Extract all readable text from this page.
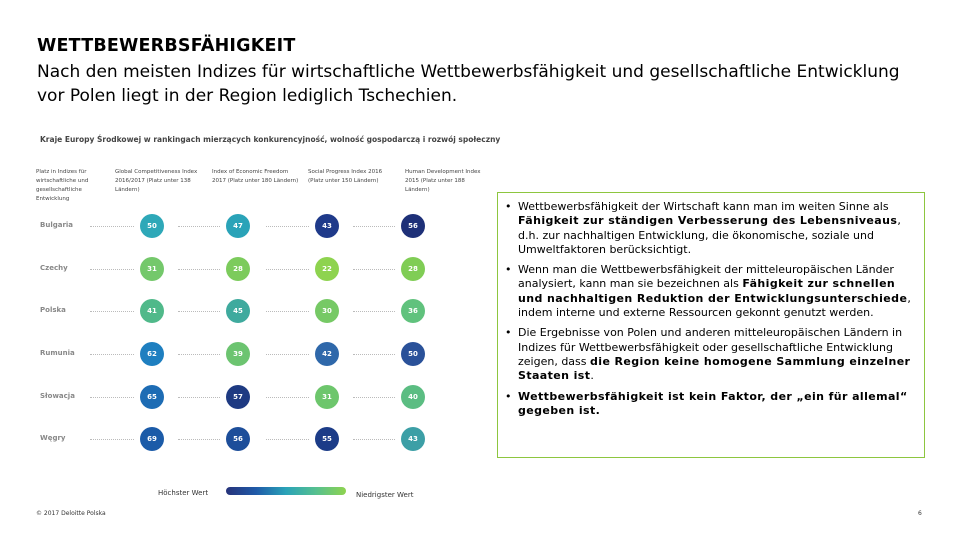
WETTBEWERBSFÄHIGKEIT
Nach den meisten Indizes für wirtschaftliche Wettbewerbsfähigkeit und gesellschaftliche Entwicklung vor Polen liegt in der Region lediglich Tschechien.
Kraje Europy Środkowej w rankingach mierzących konkurencyjność, wolność gospodarczą i rozwój społeczny
Platz in Indizes für wirtschaftliche und gesellschaftliche Entwicklung
Global Competitiveness Index 2016/2017 (Platz unter 138 Ländern)
Index of Economic Freedom 2017 (Platz unter 180 Ländern)
Social Progress Index 2016 (Platz unter 150 Ländern)
Human Development Index 2015 (Platz unter 188 Ländern)
Bulgaria	50	47	43	56
Czechy	31	28	22	28
Polska	41	45	30	36
Rumunia	62	39	42	50
Słowacja	65	57	31	40
Węgry	69	56	55	43
Höchster Wert	Niedrigster Wert
• Wettbewerbsfähigkeit der Wirtschaft kann man im weiten Sinne als Fähigkeit zur ständigen Verbesserung des Lebensniveaus, d.h. zur nachhaltigen Entwicklung, die ökonomische, soziale und Umweltfaktoren berücksichtigt.
• Wenn man die Wettbewerbsfähigkeit der mitteleuropäischen Länder analysiert, kann man sie bezeichnen als Fähigkeit zur schnellen und nachhaltigen Reduktion der Entwicklungsunterschiede, indem interne und externe Ressourcen gekonnt genutzt werden.
• Die Ergebnisse von Polen und anderen mitteleuropäischen Ländern in Indizes für Wettbewerbsfähigkeit oder gesellschaftliche Entwicklung zeigen, dass die Region keine homogene Sammlung einzelner Staaten ist.
• Wettbewerbsfähigkeit ist kein Faktor, der „ein für allemal“ gegeben ist.
© 2017 Deloitte Polska	6
